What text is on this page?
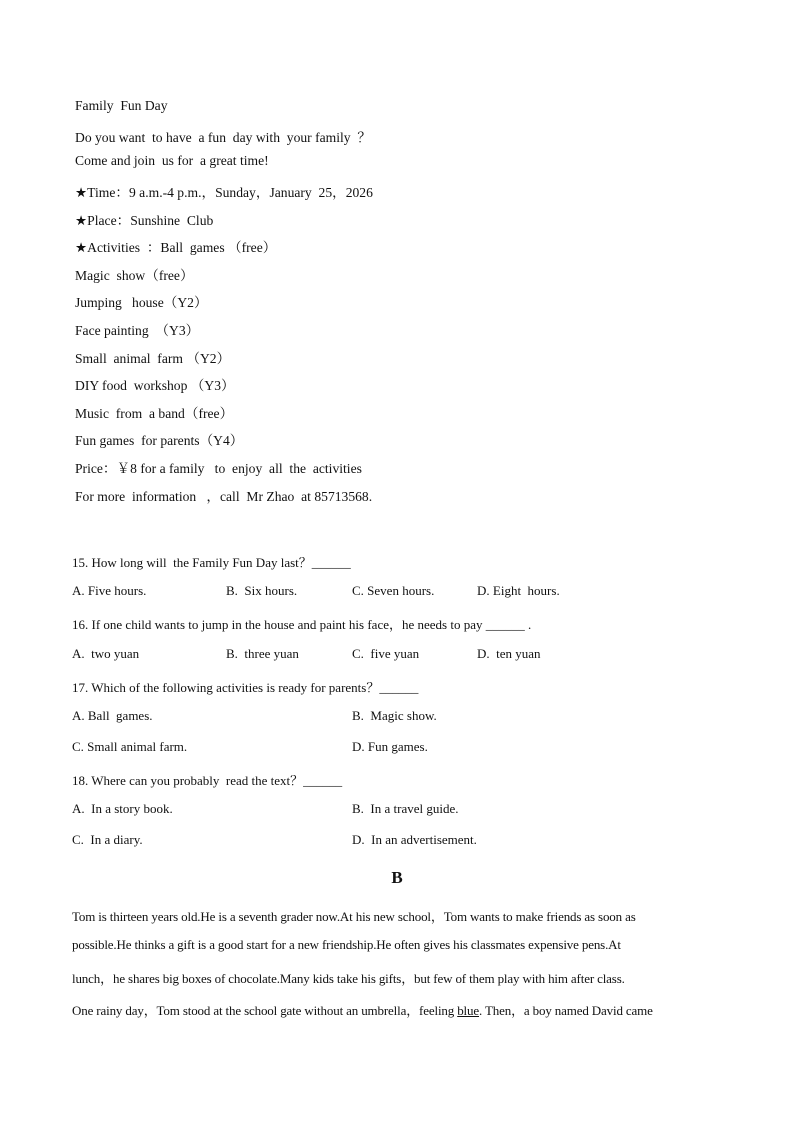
Family  Fun Day
Do you want  to have  a fun  day with  your family  ？
Come and join  us for  a great time!
★Time：9 a.m.-4 p.m.，Sunday，January  25，2026
★Place：Sunshine  Club
★Activities  ：Ball  games （free）
Magic  show（free）
Jumping   house（Y2）
Face painting  （Y3）
Small  animal  farm （Y2）
DIY food  workshop （Y3）
Music  from  a band（free）
Fun games  for parents（Y4）
Price：￥8 for a family   to  enjoy  all  the  activities
For more  information   ，call  Mr Zhao  at 85713568.
15. How long will  the Family Fun Day last？______
A. Five hours.	B.  Six hours.	C. Seven hours.	D. Eight  hours.
16. If one child wants to jump in the house and paint his face，he needs to pay ______ .
A.  two yuan	B.  three yuan	C.  five yuan	D.  ten yuan
17. Which of the following activities is ready for parents？______
A. Ball  games.	B.  Magic show.
C. Small animal farm.	D. Fun games.
18. Where can you probably  read the text？______
A.  In a story book.	B.  In a travel guide.
C.  In a diary.	D.  In an advertisement.
B
Tom is thirteen years old.He is a seventh grader now.At his new school，Tom wants to make friends as soon as
possible.He thinks a gift is a good start for a new friendship.He often gives his classmates expensive pens.At
lunch，he shares big boxes of chocolate.Many kids take his gifts，but few of them play with him after class.
One rainy day，Tom stood at the school gate without an umbrella，feeling blue. Then，a boy named David came
